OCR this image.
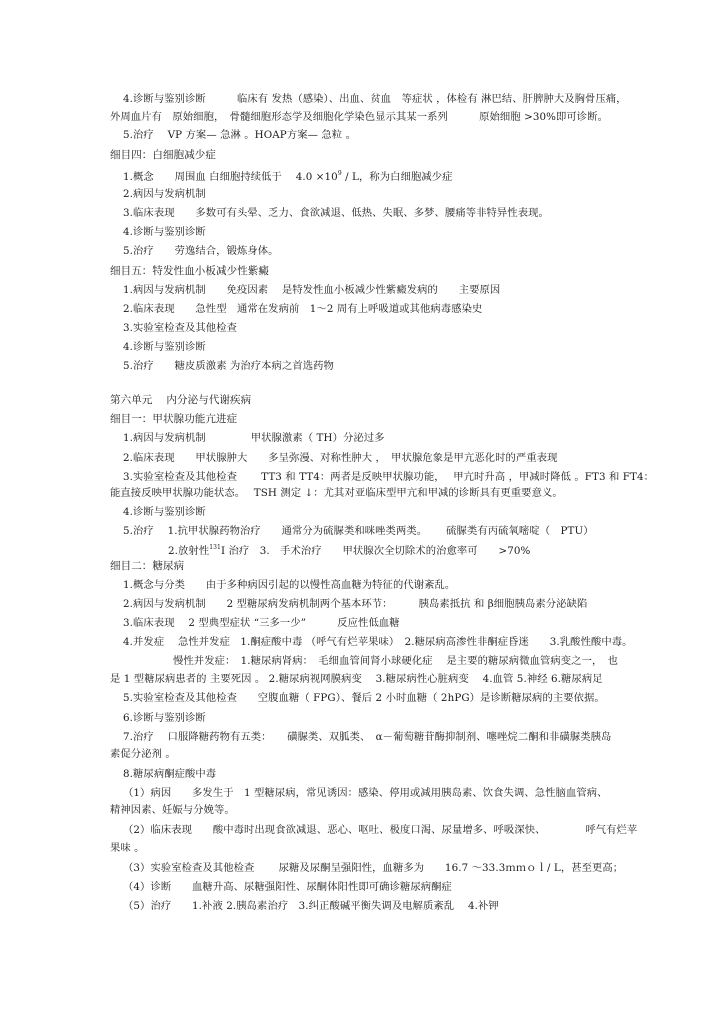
4.诊断与鉴别诊断　　　临床有 发热（感染）、出血、贫血　等症状 ，体检有 淋巴结、肝脾肿大及胸骨压痛，
外周血片有　原始细胞，　骨髓细胞形态学及细胞化学染色显示其某一系列　　　原始细胞 >30%即可诊断。
5.治疗　 VP 方案— 急淋 。HOAP方案— 急粒 。
细目四：白细胞减少症
1.概念　　周围血 白细胞持续低于　 $4.0 \times 10^9 / L$，称为白细胞减少症
2.病因与发病机制
3.临床表现　　多数可有头晕、乏力、食欲减退、低热、失眠、多梦、腰痛等非特异性表现。
4.诊断与鉴别诊断
5.治疗　　劳逸结合，锻炼身体。
细目五：特发性血小板减少性紫癜
1.病因与发病机制　　免疫因素　 是特发性血小板减少性紫癜发病的　　主要原因
2.临床表现　　急性型　通常在发病前　1～2 周有上呼吸道或其他病毒感染史
3.实验室检查及其他检查
4.诊断与鉴别诊断
5.治疗　　糖皮质激素 为治疗本病之首选药物
第六单元　 内分泌与代谢疾病
细目一：甲状腺功能亢进症
1.病因与发病机制　　　　 甲状腺激素（ TH）分泌过多
2.临床表现　　甲状腺肿大　　多呈弥漫、对称性肿大 ，　甲状腺危象是甲亢恶化时的严重表现
3.实验室检查及其他检查　　 TT3 和 TT4：两者是反映甲状腺功能，　 甲亢时升高 ，甲减时降低 。FT3 和 FT4：
能直接反映甲状腺功能状态。　 TSH 测定 ↓：尤其对亚临床型甲亢和甲减的诊断具有更重要意义。
4.诊断与鉴别诊断
5.治疗　 1.抗甲状腺药物治疗　　通常分为硫脲类和咪唑类两类。　　 硫脲类有丙硫氧嘧啶（　PTU）
2.放射性$^{131}$I 治疗　3.　手术治疗　　甲状腺次全切除术的治愈率可　　>70%
细目二：糖尿病
1.概念与分类　　由于多种病因引起的以慢性高血糖为特征的代谢紊乱。
2.病因与发病机制　　2 型糖尿病发病机制两个基本环节：　　　胰岛素抵抗 和 β细胞胰岛素分泌缺陷
3.临床表现　 2 型典型症状 “三多一少”　　　反应性低血糖
4.并发症　 急性并发症　1.酮症酸中毒 （呼气有烂苹果味）　2.糖尿病高渗性非酮症昏迷　　3.乳酸性酸中毒。
慢性并发症：　1.糖尿病肾病：　毛细血管间肾小球硬化症　 是主要的糖尿病微血管病变之一，　也
是 1 型糖尿病患者的 主要死因 。 2.糖尿病视网膜病变　 3.糖尿病性心脏病变　 4.血管 5.神经 6.糖尿病足
5.实验室检查及其他检查　　空腹血糖（ FPG）、餐后 2 小时血糖（ 2hPG）是诊断糖尿病的主要依据。
6.诊断与鉴别诊断
7.治疗　 口服降糖药物有五类：　　磺脲类、双胍类、　α－葡萄糖苷酶抑制剂、噻唑烷二酮和非磺脲类胰岛
素促分泌剂 。
8.糖尿病酮症酸中毒
（1）病因　　多发生于　1 型糖尿病，常见诱因：感染、停用或减用胰岛素、饮食失调、急性脑血管病、
精神因素、妊娠与分娩等。
（2）临床表现　　酸中毒时出现食欲减退、恶心、呕吐、极度口渴、尿量增多、呼吸深快、　　　　 呼气有烂苹
果味 。
（3）实验室检查及其他检查　　 尿糖及尿酮呈强阳性，血糖多为　　16.7 ～33.3ｍｍｏｌ/ L，甚至更高；
（4）诊断　　血糖升高、尿糖强阳性、尿酮体阳性即可确诊糖尿病酮症
（5）治疗　　1.补液 2.胰岛素治疗　3.纠正酸碱平衡失调及电解质紊乱　 4.补钾
